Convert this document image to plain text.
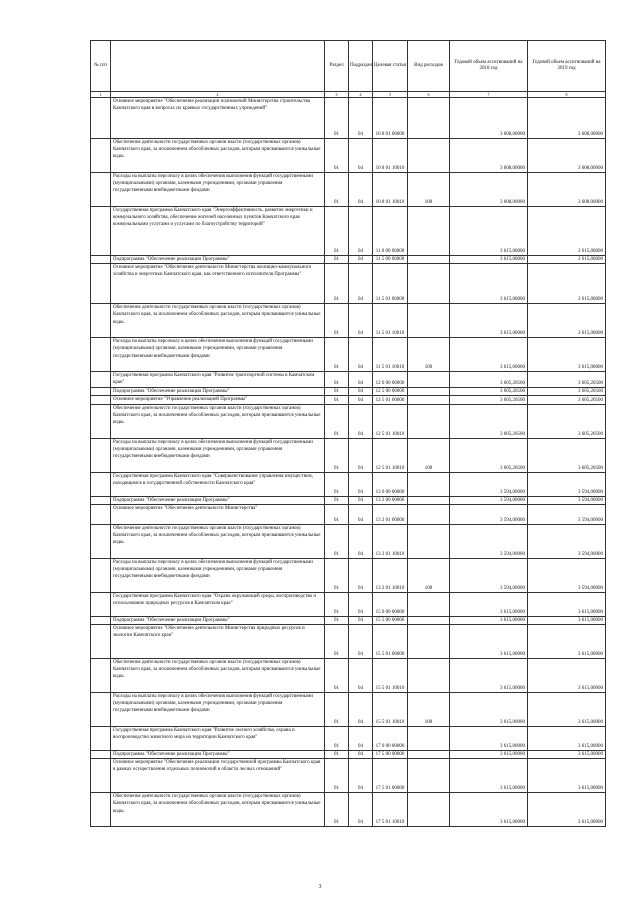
№ п/п		Раздел	Подраздел	Целевая статья	Вид расходов	Годовой объем ассигнований на 2018 год	Годовой объем ассигнований на 2019 год
1	2	3	4	5	6	7	8
	Основное мероприятие "Обеспечение реализации полномочий Министерства строительства Камчатского края в вопросах их краевых государственных учреждений"	01	04	10 8 01 00000		3 608,00000	3 608,00000
	Обеспечение деятельности государственных органов власти (государственных органов) Камчатского края, за исключением обособленных расходов, которым присваиваются уникальные коды.	01	04	10 8 01 10010		3 608,00000	3 608,00000
	Расходы на выплаты персоналу в целях обеспечения выполнения функций государственными (муниципальными) органами, казенными учреждениями, органами управления государственными внебюджетными фондами	01	04	10 8 01 10010	100	3 608,00000	3 608,00000
	Государственная программа Камчатского края "Энергоэффективность, развитие энергетики и коммунального хозяйства, обеспечение жителей населенных пунктов Камчатского края коммунальными услугами и услугами по благоустройству территорий"	01	04	11 0 00 00000		3 615,00000	3 615,00000
	Подпрограмма "Обеспечение реализации Программы"	01	04	11 5 00 00000		3 615,00000	3 615,00000
	Основное мероприятие "Обеспечение деятельности Министерства жилищно-коммунального хозяйства и энергетики Камчатского края, как ответственного исполнителя Программы"	01	04	11 5 01 00000		3 615,00000	3 615,00000
	Обеспечение деятельности государственных органов власти (государственных органов) Камчатского края, за исключением обособленных расходов, которым присваиваются уникальные коды.	01	04	11 5 01 10010		3 615,00000	3 615,00000
	Расходы на выплаты персоналу в целях обеспечения выполнения функций государственными (муниципальными) органами, казенными учреждениями, органами управления государственными внебюджетными фондами	01	04	11 5 01 10010	100	3 615,00000	3 615,00000
	Государственная программа Камчатского края "Развитие транспортной системы в Камчатском крае"	01	04	12 0 00 00000		3 605,20500	3 605,20500
	Подпрограмма "Обеспечение реализации Программы"	01	04	12 5 00 00000		3 605,20500	3 605,20500
	Основное мероприятие "Управление реализацией Программы"	01	04	12 5 01 00000		3 605,20500	3 605,20500
	Обеспечение деятельности государственных органов власти (государственных органов) Камчатского края, за исключением обособленных расходов, которым присваиваются уникальные коды.	01	04	12 5 01 10010		3 605,20500	3 605,20500
	Расходы на выплаты персоналу в целях обеспечения выполнения функций государственными (муниципальными) органами, казенными учреждениями, органами управления государственными внебюджетными фондами	01	04	12 5 01 10010	100	3 605,20500	3 605,20500
	Государственная программа Камчатского края "Совершенствование управления имуществом, находящимся в государственной собственности Камчатского края"	01	04	13 0 00 00000		3 594,00000	3 594,00000
	Подпрограмма "Обеспечение реализации Программы"	01	04	13 2 00 00000		3 594,00000	3 594,00000
	Основное мероприятие "Обеспечение деятельности Министерства"	01	04	13 2 01 00000		3 594,00000	3 594,00000
	Обеспечение деятельности государственных органов власти (государственных органов) Камчатского края, за исключением обособленных расходов, которым присваиваются уникальные коды.	01	04	13 2 01 10010		3 594,00000	3 594,00000
	Расходы на выплаты персоналу в целях обеспечения выполнения функций государственными (муниципальными) органами, казенными учреждениями, органами управления государственными внебюджетными фондами	01	04	13 2 01 10010	100	3 594,00000	3 594,00000
	Государственная программа Камчатского края "Охрана окружающей среды, воспроизводство и использование природных ресурсов в Камчатском крае"	01	04	15 0 00 00000		3 615,00000	3 615,00000
	Подпрограмма "Обеспечение реализации Программы"	01	04	15 5 00 00000		3 615,00000	3 615,00000
	Основное мероприятие "Обеспечение деятельности Министерства природных ресурсов и экологии Камчатского края"	01	04	15 5 01 00000		3 615,00000	3 615,00000
	Обеспечение деятельности государственных органов власти (государственных органов) Камчатского края, за исключением обособленных расходов, которым присваиваются уникальные коды.	01	04	15 5 01 10010		3 615,00000	3 615,00000
	Расходы на выплаты персоналу в целях обеспечения выполнения функций государственными (муниципальными) органами, казенными учреждениями, органами управления государственными внебюджетными фондами	01	04	15 5 01 10010	100	3 615,00000	3 615,00000
	Государственная программа Камчатского края "Развитие лесного хозяйства, охрана и воспроизводство животного мира на территории Камчатского края"	01	04	17 0 00 00000		3 615,00000	3 615,00000
	Подпрограмма "Обеспечение реализации Программы"	01	04	17 5 00 00000		3 615,00000	3 615,00000
	Основное мероприятие "Обеспечение реализации государственной программы Камчатского края в рамках осуществления отдельных полномочий в области лесных отношений"	01	04	17 5 01 00000		3 615,00000	3 615,00000
	Обеспечение деятельности государственных органов власти (государственных органов) Камчатского края, за исключением обособленных расходов, которым присваиваются уникальные коды.	01	04	17 5 01 10010		3 615,00000	3 615,00000
3
